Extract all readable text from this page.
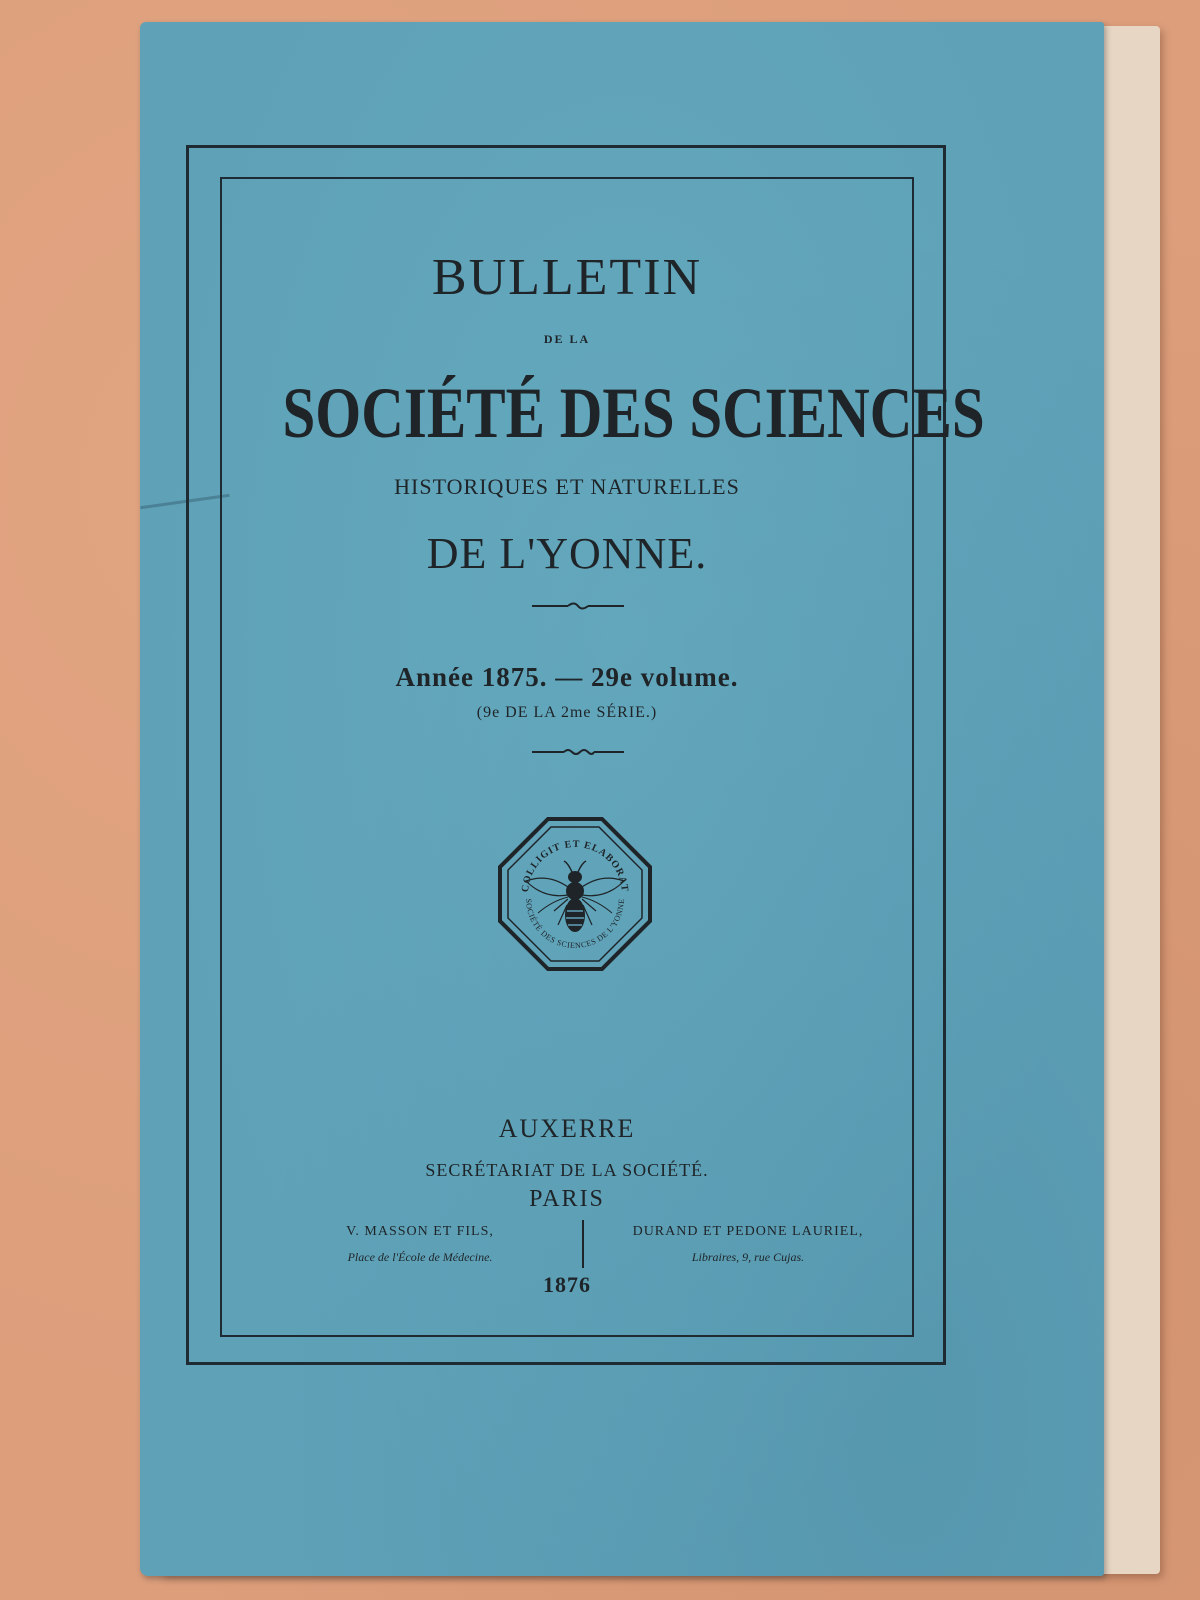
BULLETIN
DE LA
SOCIÉTÉ DES SCIENCES
HISTORIQUES ET NATURELLES
DE L'YONNE.
Année 1875. — 29e volume.
(9e DE LA 2me SÉRIE.)
COLLIGIT ET ELABORAT
SOCIÉTÉ DES SCIENCES DE L'YONNE
AUXERRE
SECRÉTARIAT DE LA SOCIÉTÉ.
PARIS
V. MASSON ET FILS,
Place de l'École de Médecine.
DURAND ET PEDONE LAURIEL,
Libraires, 9, rue Cujas.
1876
